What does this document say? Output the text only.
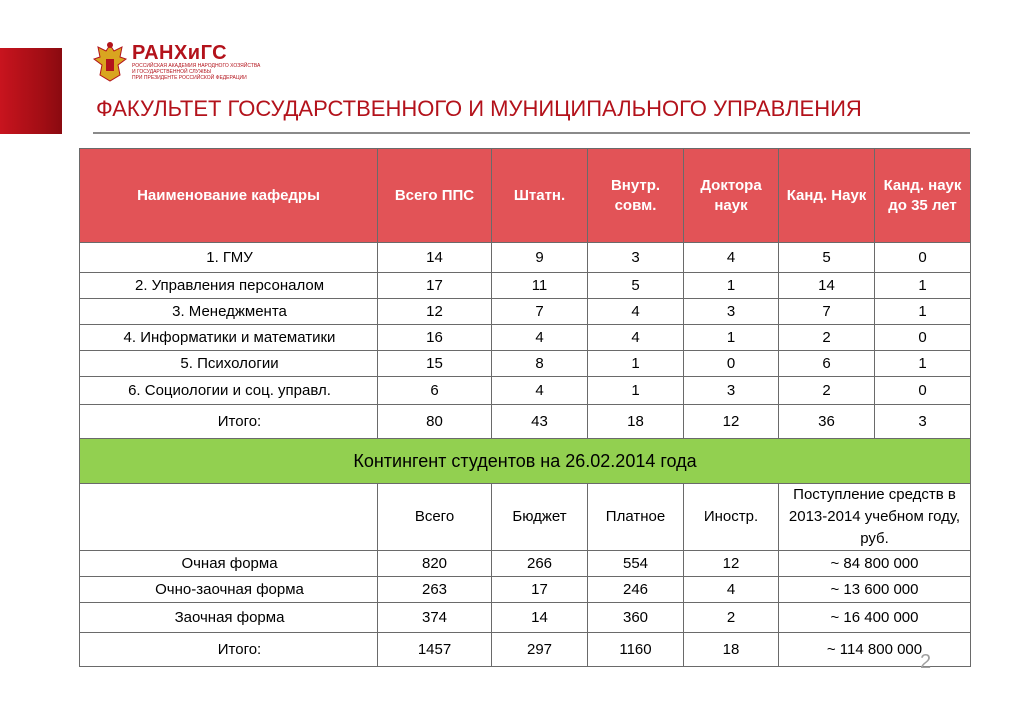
РАНХиГС
РОССИЙСКАЯ АКАДЕМИЯ НАРОДНОГО ХОЗЯЙСТВА
И ГОСУДАРСТВЕННОЙ СЛУЖБЫ
ПРИ ПРЕЗИДЕНТЕ РОССИЙСКОЙ ФЕДЕРАЦИИ
ФАКУЛЬТЕТ ГОСУДАРСТВЕННОГО И МУНИЦИПАЛЬНОГО УПРАВЛЕНИЯ
Наименование кафедры	Всего ППС	Штатн.	Внутр. совм.	Доктора наук	Канд. Наук	Канд. наук до 35 лет
1. ГМУ	14	9	3	4	5	0
2. Управления персоналом	17	11	5	1	14	1
3. Менеджмента	12	7	4	3	7	1
4. Информатики и математики	16	4	4	1	2	0
5. Психологии	15	8	1	0	6	1
6. Социологии и соц. управл.	6	4	1	3	2	0
Итого:	80	43	18	12	36	3
Контингент студентов на 26.02.2014 года						
	Всего	Бюджет	Платное	Иностр.	Поступление средств в 2013-2014 учебном году, руб.	
Очная форма	820	266	554	12	~ 84 800 000	
Очно-заочная форма	263	17	246	4	~ 13 600 000	
Заочная форма	374	14	360	2	~ 16 400 000	
Итого:	1457	297	1160	18	~ 114 800 000	
2
